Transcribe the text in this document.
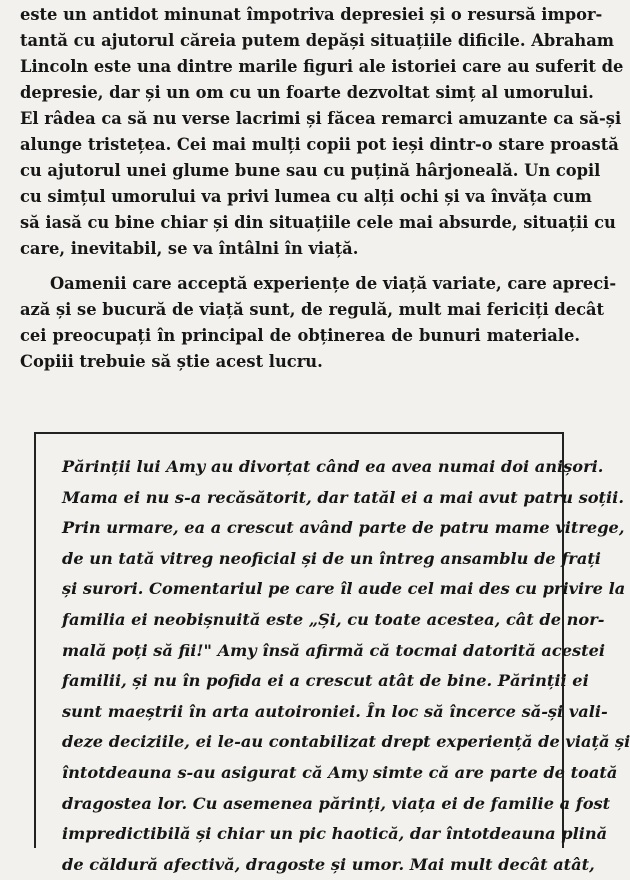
este un antidot minunat împotriva depresiei și o resursă impor-
tantă cu ajutorul căreia putem depăși situațiile dificile. Abraham
Lincoln este una dintre marile figuri ale istoriei care au suferit de
depresie, dar și un om cu un foarte dezvoltat simț al umorului.
El râdea ca să nu verse lacrimi și făcea remarci amuzante ca să-și
alunge tristețea. Cei mai mulți copii pot ieși dintr-o stare proastă
cu ajutorul unei glume bune sau cu puțină hârjoneală. Un copil
cu simțul umorului va privi lumea cu alți ochi și va învăța cum
să iasă cu bine chiar și din situațiile cele mai absurde, situații cu
care, inevitabil, se va întâlni în viață.
Oamenii care acceptă experiențe de viață variate, care apreci-
ază și se bucură de viață sunt, de regulă, mult mai fericiți decât
cei preocupați în principal de obținerea de bunuri materiale.
Copiii trebuie să știe acest lucru.
Părinții lui Amy au divorțat când ea avea numai doi anișori.
Mama ei nu s-a recăsătorit, dar tatăl ei a mai avut patru soții.
Prin urmare, ea a crescut având parte de patru mame vitrege,
de un tată vitreg neoficial și de un întreg ansamblu de frați
și surori. Comentariul pe care îl aude cel mai des cu privire la
familia ei neobișnuită este „Și, cu toate acestea, cât de nor-
mală poți să fii!" Amy însă afirmă că tocmai datorită acestei
familii, și nu în pofida ei a crescut atât de bine. Părinții ei
sunt maeștrii în arta autoironiei. În loc să încerce să-și vali-
deze deciziile, ei le-au contabilizat drept experiență de viață și
întotdeauna s-au asigurat că Amy simte că are parte de toată
dragostea lor. Cu asemenea părinți, viața ei de familie a fost
impredictibilă și chiar un pic haotică, dar întotdeauna plină
de căldură afectivă, dragoste și umor. Mai mult decât atât,
